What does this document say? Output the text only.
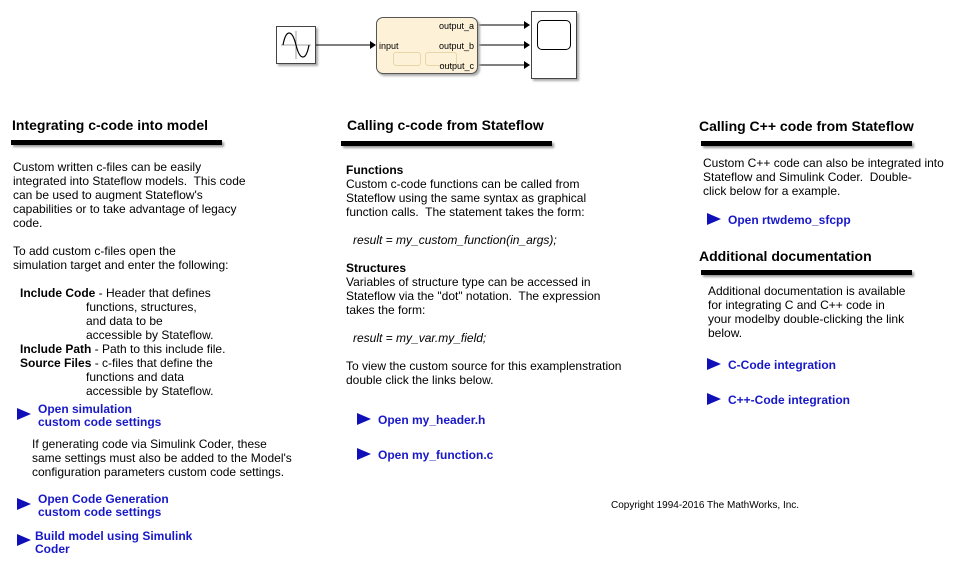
input
output_a
output_b
output_c
Integrating c-code into model
Custom written c-files can be easily
integrated into Stateflow models.  This code
can be used to augment Stateflow's
capabilities or to take advantage of legacy
code.
To add custom c-files open the
simulation target and enter the following:
Include Code - Header that defines
functions, structures,
and data to be
accessible by Stateflow.
Include Path - Path to this include file.
Source Files - c-files that define the
functions and data
accessible by Stateflow.
Open simulation
custom code settings
If generating code via Simulink Coder, these
same settings must also be added to the Model's
configuration parameters custom code settings.
Open Code Generation
custom code settings
Build model using Simulink
Coder
Calling c-code from Stateflow
Functions
Custom c-code functions can be called from
Stateflow using the same syntax as graphical
function calls.  The statement takes the form:
result = my_custom_function(in_args);
Structures
Variables of structure type can be accessed in
Stateflow via the "dot" notation.  The expression
takes the form:
result = my_var.my_field;
To view the custom source for this examplenstration
double click the links below.
Open my_header.h
Open my_function.c
Calling C++ code from Stateflow
Custom C++ code can also be integrated into
Stateflow and Simulink Coder.  Double-
click below for a example.
Open rtwdemo_sfcpp
Additional documentation
Additional documentation is available
for integrating C and C++ code in
your modelby double-clicking the link
below.
C-Code integration
C++-Code integration
Copyright 1994-2016 The MathWorks, Inc.
